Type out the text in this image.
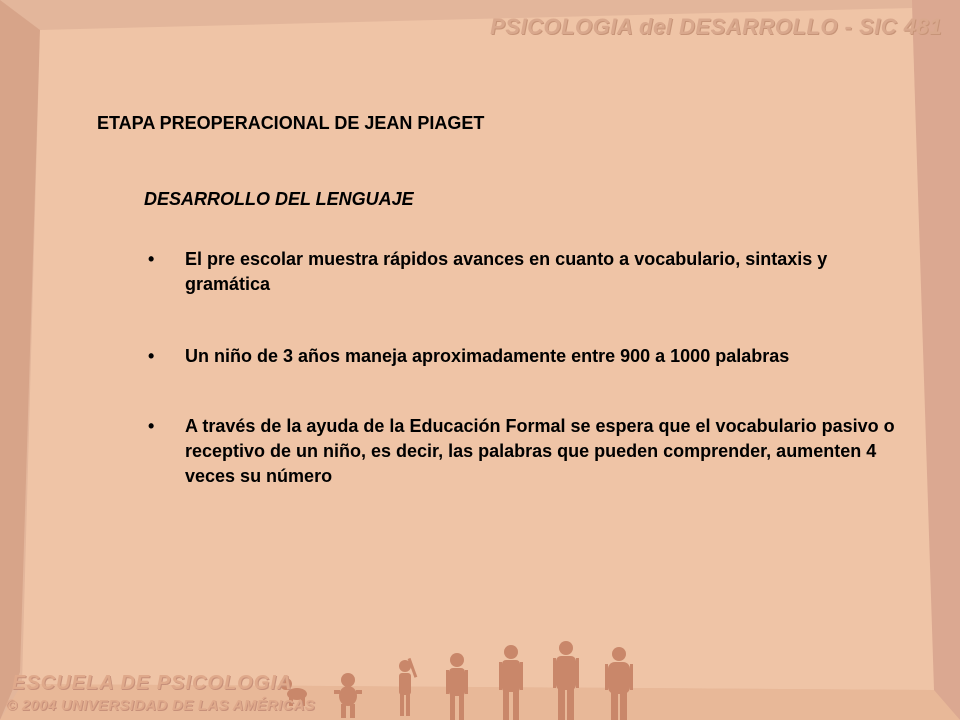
PSICOLOGIA del DESARROLLO - SIC 481
ETAPA PREOPERACIONAL DE JEAN PIAGET
DESARROLLO DEL LENGUAJE
• El pre escolar muestra rápidos avances en cuanto a vocabulario, sintaxis y gramática
• Un niño de 3 años maneja aproximadamente entre 900 a 1000 palabras
• A través de la ayuda de la Educación Formal se espera que el vocabulario pasivo o receptivo de un niño, es decir, las palabras que pueden comprender, aumenten 4 veces su número
ESCUELA DE PSICOLOGIA
© 2004 UNIVERSIDAD DE LAS AMÉRICAS
